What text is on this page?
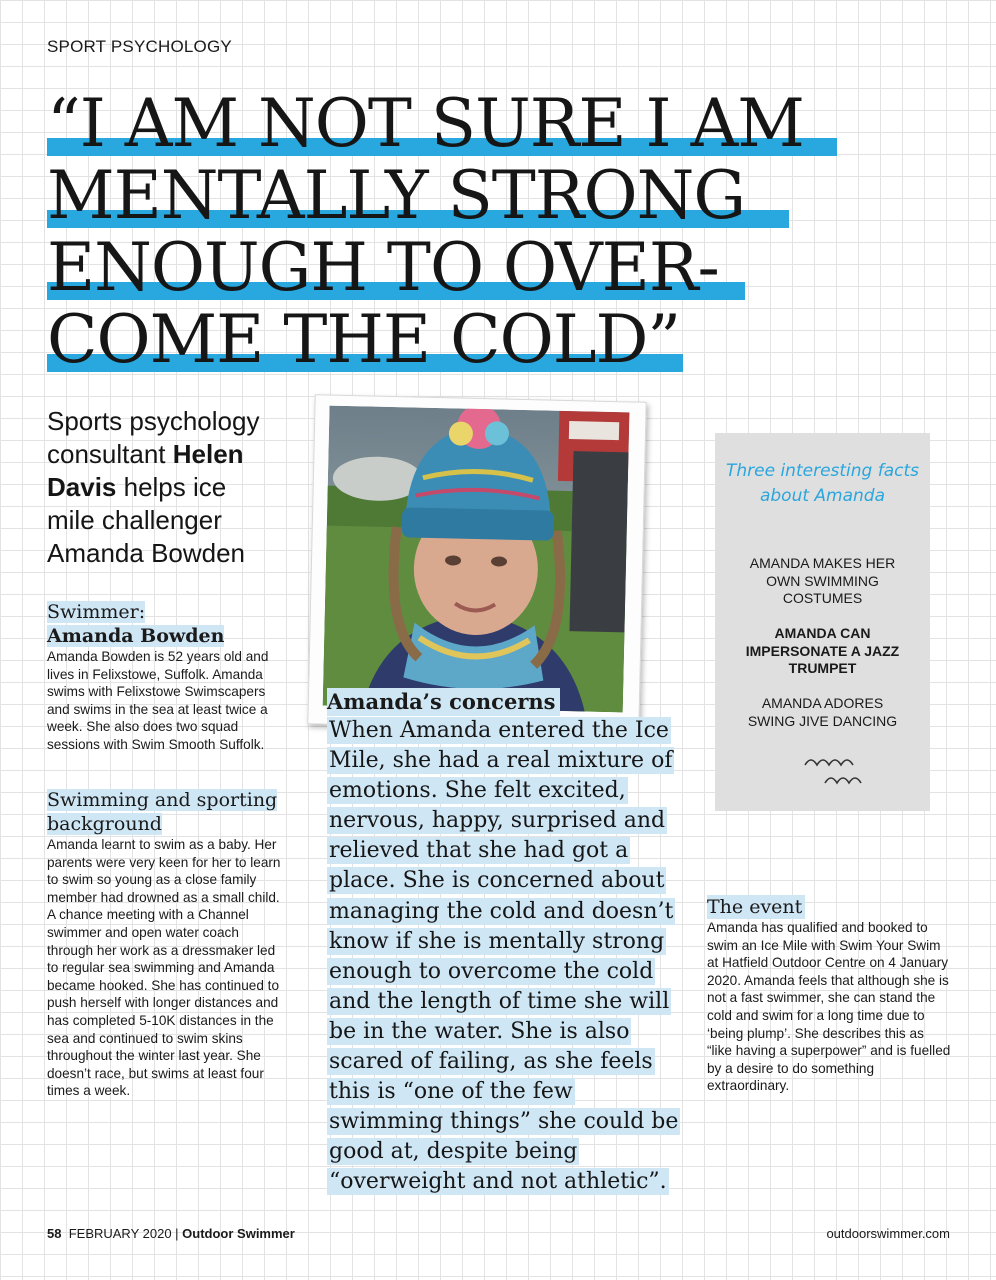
SPORT PSYCHOLOGY
“I AM NOT SURE I AM
MENTALLY STRONG
ENOUGH TO OVER-
COME THE COLD”
Sports psychology consultant Helen Davis helps ice mile challenger Amanda Bowden
Swimmer:
Amanda Bowden

Amanda Bowden is 52 years old and lives in Felixstowe, Suffolk. Amanda swims with Felixstowe Swimscapers and swims in the sea at least twice a week. She also does two squad sessions with Swim Smooth Suffolk.

Swimming and sporting background

Amanda learnt to swim as a baby. Her parents were very keen for her to learn to swim so young as a close family member had drowned as a small child. A chance meeting with a Channel swimmer and open water coach through her work as a dressmaker led to regular sea swimming and Amanda became hooked. She has continued to push herself with longer distances and has completed 5-10K distances in the sea and continued to swim skins throughout the winter last year. She doesn’t race, but swims at least four times a week.

Amanda’s concerns

When Amanda entered the Ice Mile, she had a real mixture of emotions. She felt excited, nervous, happy, surprised and relieved that she had got a place. She is concerned about managing the cold and doesn’t know if she is mentally strong enough to overcome the cold and the length of time she will be in the water. She is also scared of failing, as she feels this is “one of the few swimming things” she could be good at, despite being “overweight and not athletic”.

Three interesting facts about Amanda
AMANDA MAKES HER OWN SWIMMING COSTUMES
AMANDA CAN IMPERSONATE A JAZZ TRUMPET
AMANDA ADORES SWING JIVE DANCING
The event

Amanda has qualified and booked to swim an Ice Mile with Swim Your Swim at Hatfield Outdoor Centre on 4 January 2020. Amanda feels that although she is not a fast swimmer, she can stand the cold and swim for a long time due to ‘being plump’. She describes this as “like having a superpower” and is fuelled by a desire to do something extraordinary.

58 FEBRUARY 2020 | Outdoor Swimmer	outdoorswimmer.com
